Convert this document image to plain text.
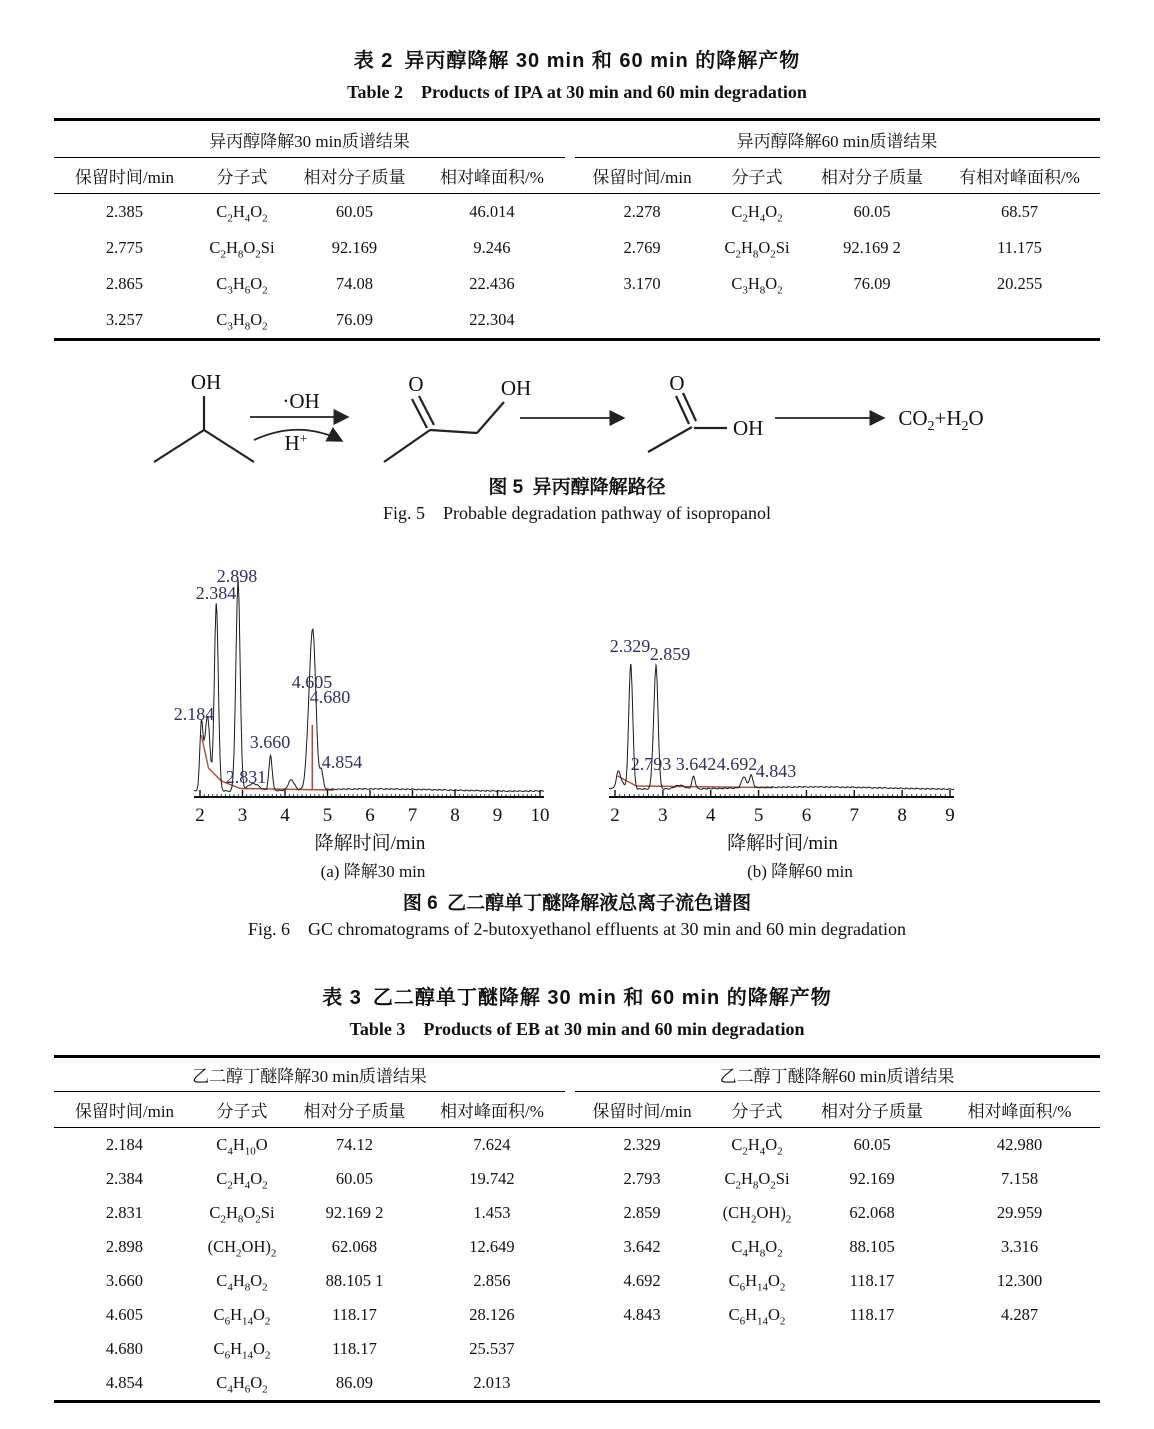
表 2 异丙醇降解 30 min 和 60 min 的降解产物
Table 2  Products of IPA at 30 min and 60 min degradation
异丙醇降解30 min质谱结果					异丙醇降解60 min质谱结果			
保留时间/min	分子式	相对分子质量	相对峰面积/%		保留时间/min	分子式	相对分子质量	有相对峰面积/%
2.385	$C_2H_4O_2$	60.05	46.014		2.278	$C_2H_4O_2$	60.05	68.57
2.775	$C_2H_8O_2Si$	92.169	9.246		2.769	$C_2H_8O_2Si$	92.169 2	11.175
2.865	$C_3H_6O_2$	74.08	22.436		3.170	$C_3H_8O_2$	76.09	20.255
3.257	$C_3H_8O_2$	76.09	22.304					
OH
·OH
H+
O	OH	O
OH	$CO_2+H_2O$
图 5 异丙醇降解路径
Fig. 5  Probable degradation pathway of isopropanol
2 3 4 5 6 7 8 9 10
降解时间/min
2.184
2.384
2.831
2.898
3.660
4.605
4.680
4.854
2 3 4 5 6 7 8 9
降解时间/min
2.329
2.793
2.859
3.642 4.692
4.843
(a) 降解30 min	(b) 降解60 min
图 6 乙二醇单丁醚降解液总离子流色谱图
Fig. 6  GC chromatograms of 2-butoxyethanol effluents at 30 min and 60 min degradation
表 3 乙二醇单丁醚降解 30 min 和 60 min 的降解产物
Table 3  Products of EB at 30 min and 60 min degradation
乙二醇丁醚降解30 min质谱结果					乙二醇丁醚降解60 min质谱结果			
保留时间/min	分子式	相对分子质量	相对峰面积/%		保留时间/min	分子式	相对分子质量	相对峰面积/%
2.184	$C_4H_{10}O$	74.12	7.624		2.329	$C_2H_4O_2$	60.05	42.980
2.384	$C_2H_4O_2$	60.05	19.742		2.793	$C_2H_8O_2Si$	92.169	7.158
2.831	$C_2H_8O_2Si$	92.169 2	1.453		2.859	$(CH_2OH)_2$	62.068	29.959
2.898	$(CH_2OH)_2$	62.068	12.649		3.642	$C_4H_8O_2$	88.105	3.316
3.660	$C_4H_8O_2$	88.105 1	2.856		4.692	$C_6H_{14}O_2$	118.17	12.300
4.605	$C_6H_{14}O_2$	118.17	28.126		4.843	$C_6H_{14}O_2$	118.17	4.287
4.680	$C_6H_{14}O_2$	118.17	25.537					
4.854	$C_4H_6O_2$	86.09	2.013					
